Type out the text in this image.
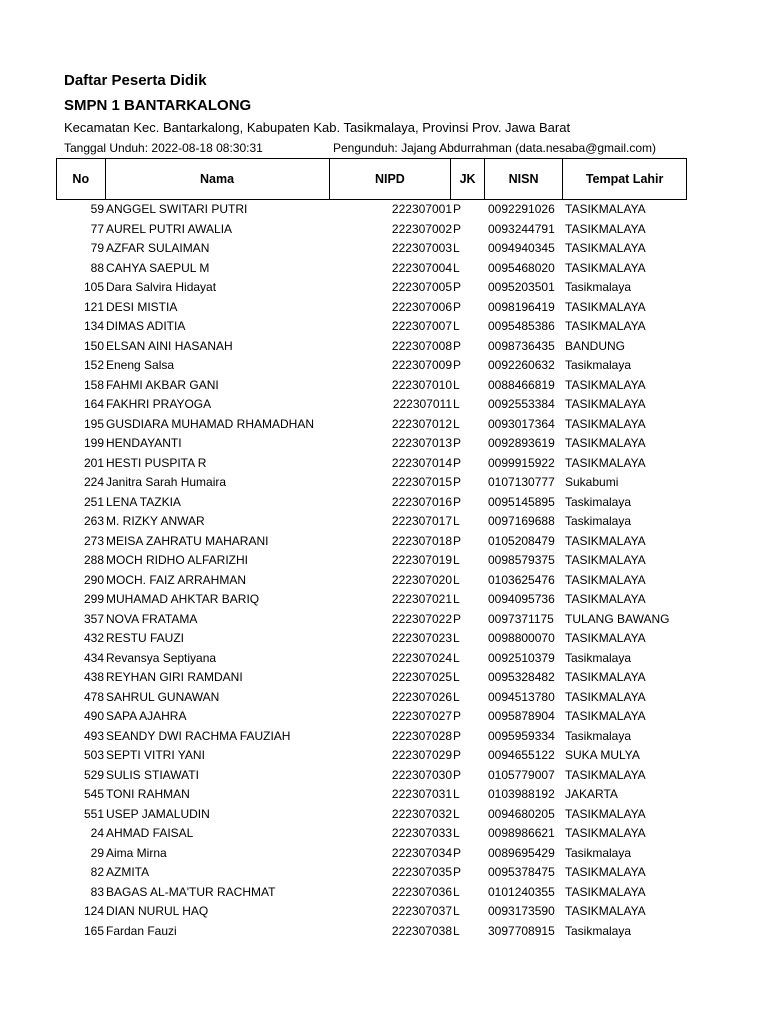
Daftar Peserta Didik
SMPN 1 BANTARKALONG
Kecamatan Kec. Bantarkalong, Kabupaten Kab. Tasikmalaya, Provinsi Prov. Jawa Barat
Tanggal Unduh: 2022-08-18 08:30:31	Pengunduh: Jajang Abdurrahman (data.nesaba@gmail.com)
No	Nama	NIPD	JK	NISN	Tempat Lahir
59 ANGGEL SWITARI PUTRI	222307001 P	0092291026 TASIKMALAYA
77 AUREL PUTRI AWALIA	222307002 P	0093244791 TASIKMALAYA
79 AZFAR SULAIMAN	222307003 L	0094940345 TASIKMALAYA
88 CAHYA SAEPUL M	222307004 L	0095468020 TASIKMALAYA
105 Dara Salvira Hidayat	222307005 P	0095203501 Tasikmalaya
121 DESI MISTIA	222307006 P	0098196419 TASIKMALAYA
134 DIMAS ADITIA	222307007 L	0095485386 TASIKMALAYA
150 ELSAN AINI HASANAH	222307008 P	0098736435 BANDUNG
152 Eneng Salsa	222307009 P	0092260632 Tasikmalaya
158 FAHMI AKBAR GANI	222307010 L	0088466819 TASIKMALAYA
164 FAKHRI PRAYOGA	222307011 L	0092553384 TASIKMALAYA
195 GUSDIARA MUHAMAD RHAMADHAN	222307012 L	0093017364 TASIKMALAYA
199 HENDAYANTI	222307013 P	0092893619 TASIKMALAYA
201 HESTI PUSPITA R	222307014 P	0099915922 TASIKMALAYA
224 Janitra Sarah Humaira	222307015 P	0107130777 Sukabumi
251 LENA TAZKIA	222307016 P	0095145895 Taskimalaya
263 M. RIZKY ANWAR	222307017 L	0097169688 Taskimalaya
273 MEISA ZAHRATU MAHARANI	222307018 P	0105208479 TASIKMALAYA
288 MOCH RIDHO ALFARIZHI	222307019 L	0098579375 TASIKMALAYA
290 MOCH. FAIZ ARRAHMAN	222307020 L	0103625476 TASIKMALAYA
299 MUHAMAD AHKTAR BARIQ	222307021 L	0094095736 TASIKMALAYA
357 NOVA FRATAMA	222307022 P	0097371175 TULANG BAWANG
432 RESTU FAUZI	222307023 L	0098800070 TASIKMALAYA
434 Revansya Septiyana	222307024 L	0092510379 Tasikmalaya
438 REYHAN GIRI RAMDANI	222307025 L	0095328482 TASIKMALAYA
478 SAHRUL GUNAWAN	222307026 L	0094513780 TASIKMALAYA
490 SAPA AJAHRA	222307027 P	0095878904 TASIKMALAYA
493 SEANDY DWI RACHMA FAUZIAH	222307028 P	0095959334 Tasikmalaya
503 SEPTI VITRI YANI	222307029 P	0094655122 SUKA MULYA
529 SULIS STIAWATI	222307030 P	0105779007 TASIKMALAYA
545 TONI RAHMAN	222307031 L	0103988192 JAKARTA
551 USEP JAMALUDIN	222307032 L	0094680205 TASIKMALAYA
24 AHMAD FAISAL	222307033 L	0098986621 TASIKMALAYA
29 Aima Mirna	222307034 P	0089695429 Tasikmalaya
82 AZMITA	222307035 P	0095378475 TASIKMALAYA
83 BAGAS AL-MA'TUR RACHMAT	222307036 L	0101240355 TASIKMALAYA
124 DIAN NURUL HAQ	222307037 L	0093173590 TASIKMALAYA
165 Fardan Fauzi	222307038 L	3097708915 Tasikmalaya
